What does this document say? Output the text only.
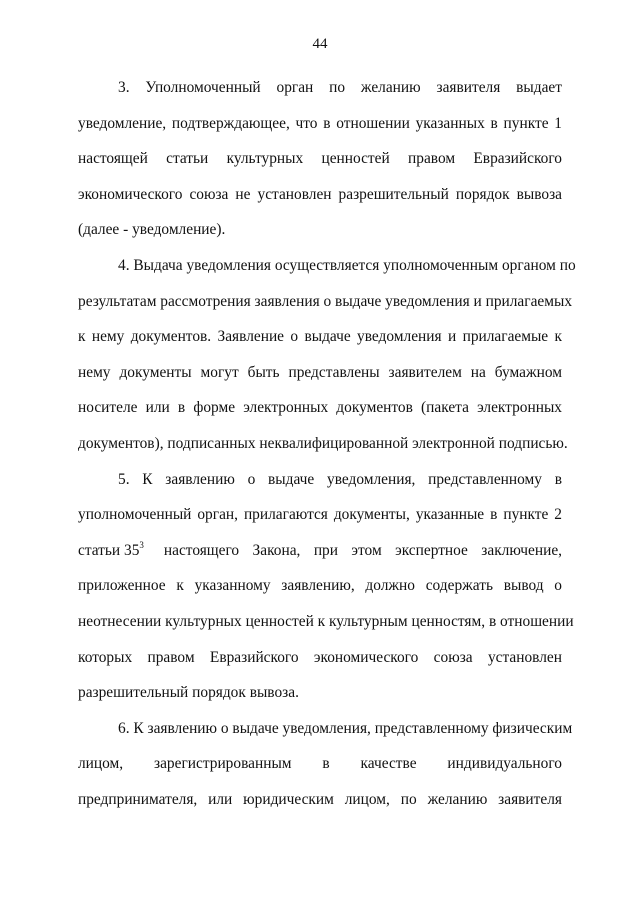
44

3. Уполномоченный орган по желанию заявителя выдает
уведомление, подтверждающее, что в отношении указанных в пункте 1
настоящей статьи культурных ценностей правом Евразийского
экономического союза не установлен разрешительный порядок вывоза
(далее - уведомление).

4. Выдача уведомления осуществляется уполномоченным органом по
результатам рассмотрения заявления о выдаче уведомления и прилагаемых
к нему документов. Заявление о выдаче уведомления и прилагаемые к
нему документы могут быть представлены заявителем на бумажном
носителе или в форме электронных документов (пакета электронных
документов), подписанных неквалифицированной электронной подписью.

5. К заявлению о выдаче уведомления, представленному в
уполномоченный орган, прилагаются документы, указанные в пункте 2
статьи $35^3$ настоящего Закона, при этом экспертное заключение,
приложенное к указанному заявлению, должно содержать вывод о
неотнесении культурных ценностей к культурным ценностям, в отношении
которых правом Евразийского экономического союза установлен
разрешительный порядок вывоза.

6. К заявлению о выдаче уведомления, представленному физическим
лицом, зарегистрированным в качестве индивидуального
предпринимателя, или юридическим лицом, по желанию заявителя
